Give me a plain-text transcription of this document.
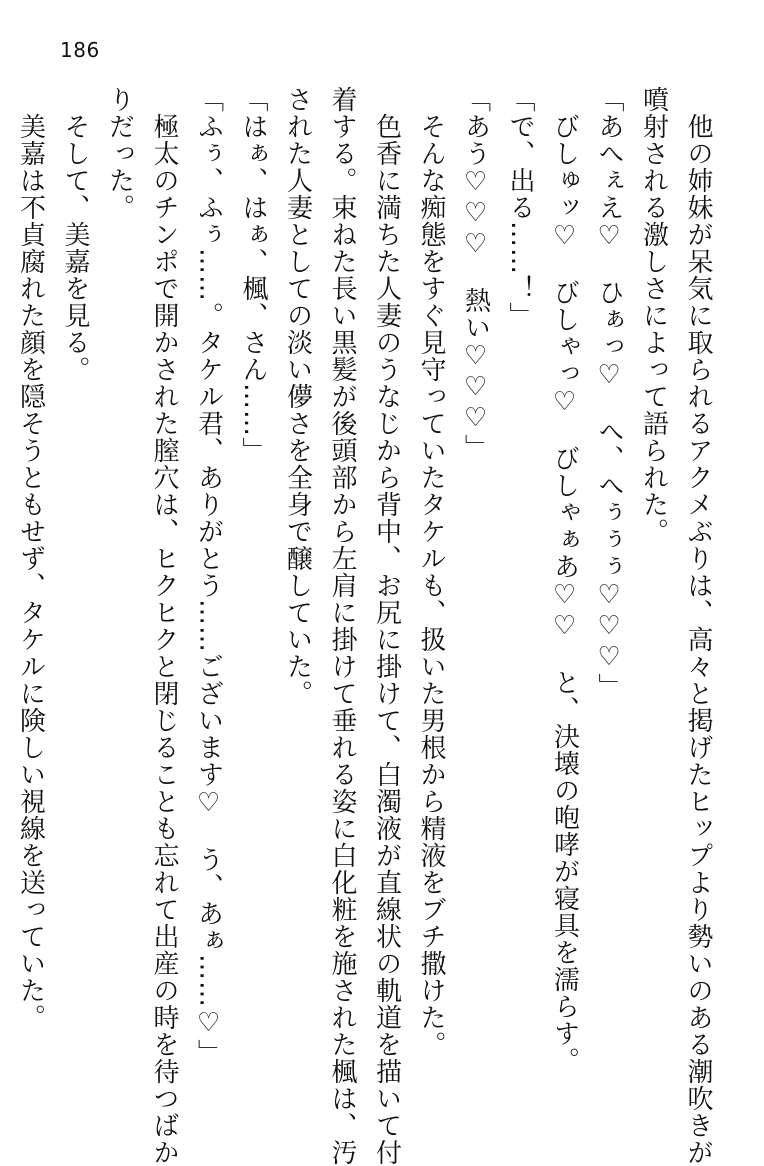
186
　他の姉妹が呆気に取られるアクメぶりは、高々と掲げたヒップより勢いのある潮吹きが
噴射される激しさによって語られた。
「あへぇえ♡　ひぁっ♡　へ、へぅぅぅ♡♡♡」
　びしゅッ♡　びしゃっ♡　びしゃぁあ♡♡　と、決壊の咆哮が寝具を濡らす。
「で、出る……！」
「あう♡♡♡　熱い♡♡♡」
　そんな痴態をすぐ見守っていたタケルも、扱いた男根から精液をブチ撒けた。
　色香に満ちた人妻のうなじから背中、お尻に掛けて、白濁液が直線状の軌道を描いて付
着する。束ねた長い黒髪が後頭部から左肩に掛けて垂れる姿に白化粧を施された楓は、汚
された人妻としての淡い儚さを全身で醸していた。
「はぁ、はぁ、楓、さん……」
「ふぅ、ふぅ……。タケル君、ありがとう……ございます♡　う、あぁ……♡」
　極太のチンポで開かされた膣穴は、ヒクヒクと閉じることも忘れて出産の時を待つばか
りだった。
　そして、美嘉を見る。
　美嘉は不貞腐れた顔を隠そうともせず、タケルに険しい視線を送っていた。
